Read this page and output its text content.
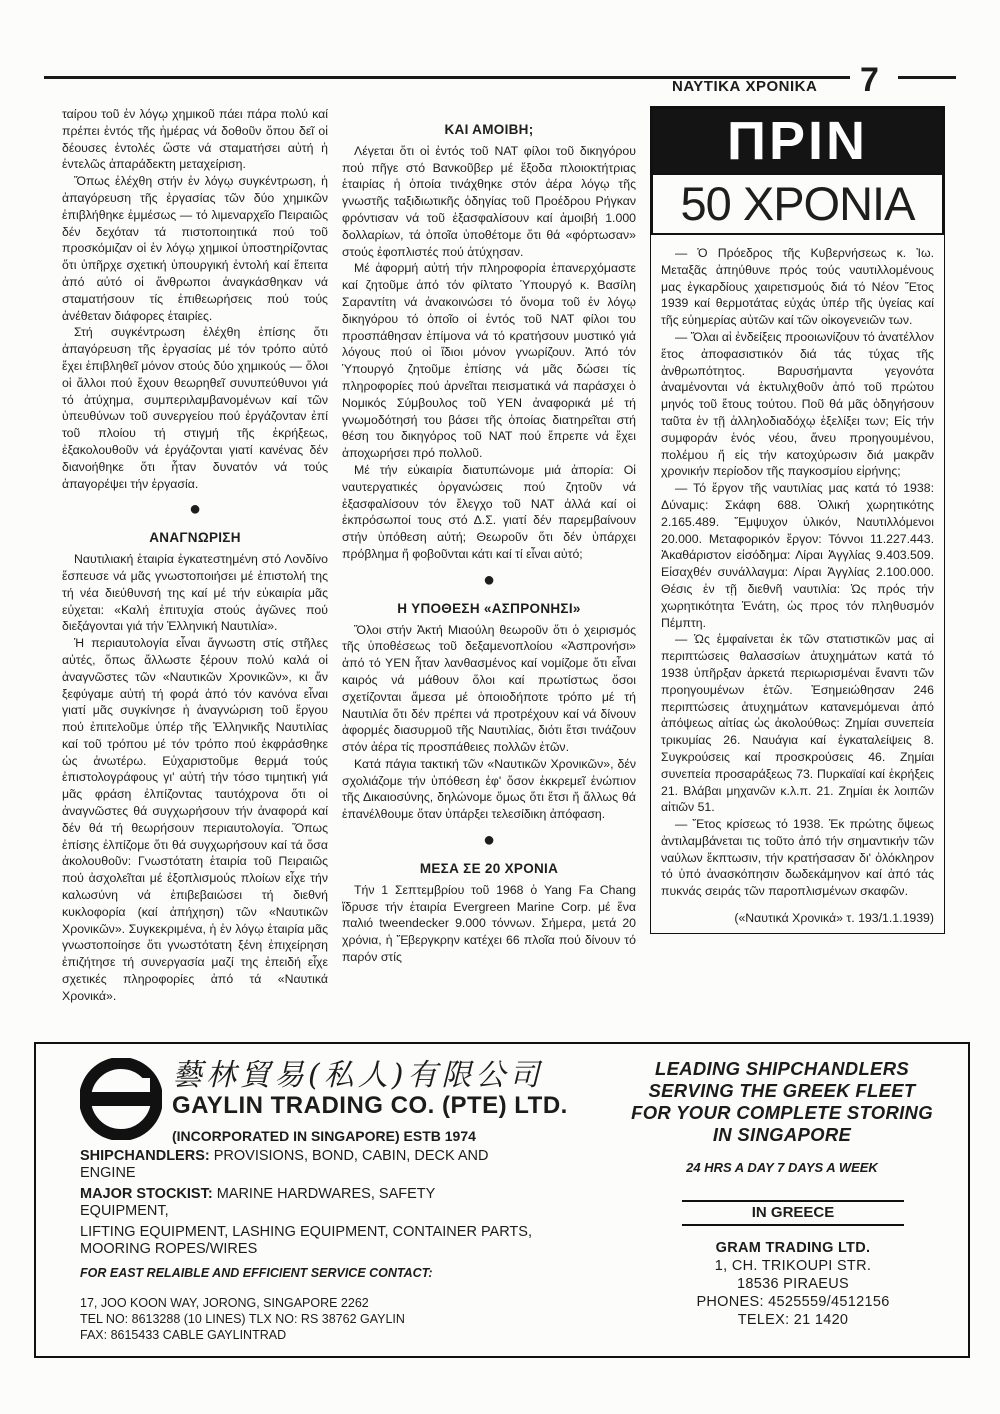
ΝΑΥΤΙΚΑ ΧΡΟΝΙΚΑ 7

ταίρου τοῦ ἐν λόγῳ χημικοῦ πάει πάρα πολύ καί πρέπει ἐντός τῆς ἡμέρας νά δοθοῦν ὅπου δεῖ οἱ δέουσες ἐντολές ὥστε νά σταματήσει αὐτή ἡ ἐντελῶς ἀπαράδεκτη μεταχείριση.

Ὅπως ἐλέχθη στήν ἐν λόγῳ συγκέντρωση, ἡ ἀπαγόρευση τῆς ἐργασίας τῶν δύο χημικῶν ἐπιβλήθηκε ἐμμέσως — τό λιμεναρχεῖο Πειραιῶς δέν δεχόταν τά πιστοποιητικά πού τοῦ προσκόμιζαν οἱ ἐν λόγῳ χημικοί ὑποστηρίζοντας ὅτι ὑπῆρχε σχετική ὑπουργική ἐντολή καί ἔπειτα ἀπό αὐτό οἱ ἄνθρωποι ἀναγκάσθηκαν νά σταματήσουν τίς ἐπιθεωρήσεις πού τούς ἀνέθεταν διάφορες ἑταιρίες.

Στή συγκέντρωση ἐλέχθη ἐπίσης ὅτι ἀπαγόρευση τῆς ἐργασίας μέ τόν τρόπο αὐτό ἔχει ἐπιβληθεῖ μόνον στούς δύο χημικούς — ὅλοι οἱ ἄλλοι πού ἔχουν θεωρηθεῖ συνυπεύθυνοι γιά τό ἀτύχημα, συμπεριλαμβανομένων καί τῶν ὑπευθύνων τοῦ συνεργείου πού ἐργάζονταν ἐπί τοῦ πλοίου τή στιγμή τῆς ἐκρήξεως, ἐξακολουθοῦν νά ἐργάζονται γιατί κανένας δέν διανοήθηκε ὅτι ἦταν δυνατόν νά τούς ἀπαγορέψει τήν ἐργασία.

●
ΑΝΑΓΝΩΡΙΣΗ

Ναυτιλιακή ἑταιρία ἐγκατεστημένη στό Λονδίνο ἔσπευσε νά μᾶς γνωστοποιήσει μέ ἐπιστολή της τή νέα διεύθυνσή της καί μέ τήν εὐκαιρία μᾶς εὐχεται: «Καλή ἐπιτυχία στούς ἀγῶνες πού διεξάγονται γιά τήν Ἑλληνική Ναυτιλία».

Ἡ περιαυτολογία εἶναι ἄγνωστη στίς στῆλες αὐτές, ὅπως ἄλλωστε ξέρουν πολύ καλά οἱ ἀναγνῶστες τῶν «Ναυτικῶν Χρονικῶν», κι ἄν ξεφύγαμε αὐτή τή φορά ἀπό τόν κανόνα εἶναι γιατί μᾶς συγκίνησε ἡ ἀναγνώριση τοῦ ἔργου πού ἐπιτελοῦμε ὑπέρ τῆς Ἑλληνικῆς Ναυτιλίας καί τοῦ τρόπου μέ τόν τρόπο πού ἐκφράσθηκε ὡς ἀνωτέρω. Εὐχαριστοῦμε θερμά τούς ἐπιστολογράφους γι' αὐτή τήν τόσο τιμητική γιά μᾶς φράση ἐλπίζοντας ταυτόχρονα ὅτι οἱ ἀναγνῶστες θά συγχωρήσουν τήν ἀναφορά καί δέν θά τή θεωρήσουν περιαυτολογία. Ὅπως ἐπίσης ἐλπίζομε ὅτι θά συγχωρήσουν καί τά ὅσα ἀκολουθοῦν: Γνωστότατη ἑταιρία τοῦ Πειραιῶς πού ἀσχολεῖται μέ ἐξοπλισμούς πλοίων εἶχε τήν καλωσύνη νά ἐπιβεβαιώσει τή διεθνή κυκλοφορία (καί ἀπήχηση) τῶν «Ναυτικῶν Χρονικῶν». Συγκεκριμένα, ἡ ἐν λόγῳ ἑταιρία μᾶς γνωστοποίησε ὅτι γνωστότατη ξένη ἐπιχείρηση ἐπιζήτησε τή συνεργασία μαζί της ἐπειδή εἶχε σχετικές πληροφορίες ἀπό τά «Ναυτικά Χρονικά».

ΚΑΙ ΑΜΟΙΒΗ;

Λέγεται ὅτι οἱ ἐντός τοῦ ΝΑΤ φίλοι τοῦ δικηγόρου πού πῆγε στό Βανκοῦβερ μέ ἔξοδα πλοιοκτήτριας ἑταιρίας ἡ ὁποία τινάχθηκε στόν ἀέρα λόγῳ τῆς γνωστῆς ταξιδιωτικῆς ὁδηγίας τοῦ Προέδρου Ρήγκαν φρόντισαν νά τοῦ ἐξασφαλίσουν καί ἀμοιβή 1.000 δολλαρίων, τά ὁποῖα ὑποθέτομε ὅτι θά «φόρτωσαν» στούς ἐφοπλιστές πού ἀτύχησαν.

Μέ ἀφορμή αὐτή τήν πληροφορία ἐπανερχόμαστε καί ζητοῦμε ἀπό τόν φίλτατο Ὑπουργό κ. Βασίλη Σαραντίτη νά ἀνακοινώσει τό ὄνομα τοῦ ἐν λόγῳ δικηγόρου τό ὁποῖο οἱ ἐντός τοῦ ΝΑΤ φίλοι του προσπάθησαν ἐπίμονα νά τό κρατήσουν μυστικό γιά λόγους πού οἱ ἴδιοι μόνον γνωρίζουν. Ἀπό τόν Ὑπουργό ζητοῦμε ἐπίσης νά μᾶς δώσει τίς πληροφορίες πού ἀρνεῖται πεισματικά νά παράσχει ὁ Νομικός Σύμβουλος τοῦ ΥΕΝ ἀναφορικά μέ τή γνωμοδότησή του βάσει τῆς ὁποίας διατηρεῖται στή θέση του δικηγόρος τοῦ ΝΑΤ πού ἔπρεπε νά ἔχει ἀποχωρήσει πρό πολλοῦ.

Μέ τήν εὐκαιρία διατυπώνομε μιά ἀπορία: Οἱ ναυτεργατικές ὀργανώσεις πού ζητοῦν νά ἐξασφαλίσουν τόν ἔλεγχο τοῦ ΝΑΤ ἀλλά καί οἱ ἐκπρόσωποί τους στό Δ.Σ. γιατί δέν παρεμβαίνουν στήν ὑπόθεση αὐτή; Θεωροῦν ὅτι δέν ὑπάρχει πρόβλημα ἤ φοβοῦνται κάτι καί τί εἶναι αὐτό;

●
Η ΥΠΟΘΕΣΗ «ΑΣΠΡΟΝΗΣΙ»

Ὅλοι στήν Ἀκτή Μιαούλη θεωροῦν ὅτι ὁ χειρισμός τῆς ὑποθέσεως τοῦ δεξαμενοπλοίου «Ἀσπρονήσι» ἀπό τό ΥΕΝ ἦταν λανθασμένος καί νομίζομε ὅτι εἶναι καιρός νά μάθουν ὅλοι καί πρωτίστως ὅσοι σχετίζονται ἄμεσα μέ ὁποιοδήποτε τρόπο μέ τή Ναυτιλία ὅτι δέν πρέπει νά προτρέχουν καί νά δίνουν ἀφορμές διασυρμοῦ τῆς Ναυτιλίας, διότι ἔτσι τινάζουν στόν ἀέρα τίς προσπάθειες πολλῶν ἐτῶν.

Κατά πάγια τακτική τῶν «Ναυτικῶν Χρονικῶν», δέν σχολιάζομε τήν ὑπόθεση ἐφ' ὅσον ἐκκρεμεῖ ἐνώπιον τῆς Δικαιοσύνης, δηλώνομε ὅμως ὅτι ἔτσι ἤ ἄλλως θά ἐπανέλθουμε ὅταν ὑπάρξει τελεσίδικη ἀπόφαση.

●
ΜΕΣΑ ΣΕ 20 ΧΡΟΝΙΑ

Τήν 1 Σεπτεμβρίου τοῦ 1968 ὁ Yang Fa Chang ἵδρυσε τήν ἑταιρία Evergreen Marine Corp. μέ ἕνα παλιό tweendecker 9.000 τόννων. Σήμερα, μετά 20 χρόνια, ἡ Ἔβεργκρην κατέχει 66 πλοῖα πού δίνουν τό παρόν στίς

ΠΡΙΝ
50 ΧΡΟΝΙΑ

— Ὁ Πρόεδρος τῆς Κυβερνήσεως κ. Ἰω. Μεταξᾶς ἀπηύθυνε πρός τούς ναυτιλλομένους μας ἐγκαρδίους χαιρετισμούς διά τό Νέον Ἔτος 1939 καί θερμοτάτας εὐχάς ὑπέρ τῆς ὑγείας καί τῆς εὐημερίας αὐτῶν καί τῶν οἰκογενειῶν των.

— Ὅλαι αἱ ἐνδείξεις προοιωνίζουν τό ἀνατέλλον ἔτος ἀποφασιστικόν διά τάς τύχας τῆς ἀνθρωπότητος. Βαρυσήμαντα γεγονότα ἀναμένονται νά ἐκτυλιχθοῦν ἀπό τοῦ πρώτου μηνός τοῦ ἔτους τούτου. Ποῦ θά μᾶς ὁδηγήσουν ταῦτα ἐν τῇ ἀλληλοδιαδόχῳ ἐξελίξει των; Εἰς τήν συμφοράν ἑνός νέου, ἄνευ προηγουμένου, πολέμου ἤ εἰς τήν κατοχύρωσιν διά μακρᾶν χρονικήν περίοδον τῆς παγκοσμίου εἰρήνης;

— Τό ἔργον τῆς ναυτιλίας μας κατά τό 1938: Δύναμις: Σκάφη 688. Ὁλική χωρητικότης 2.165.489. Ἔμψυχον ὑλικόν, Ναυτιλλόμενοι 20.000. Μεταφορικόν ἔργον: Τόννοι 11.227.443. Ἀκαθάριστον εἰσόδημα: Λίραι Ἀγγλίας 9.403.509. Εἰσαχθέν συνάλλαγμα: Λίραι Ἀγγλίας 2.100.000. Θέσις ἐν τῇ διεθνῆ ναυτιλία: Ὡς πρός τήν χωρητικότητα Ἐνάτη, ὡς προς τόν πληθυσμόν Πέμπτη.

— Ὡς ἐμφαίνεται ἐκ τῶν στατιστικῶν μας αἱ περιπτώσεις θαλασσίων ἀτυχημάτων κατά τό 1938 ὑπῆρξαν ἀρκετά περιωρισμέναι ἔναντι τῶν προηγουμένων ἐτῶν. Ἐσημειώθησαν 246 περιπτώσεις ἀτυχημάτων κατανεμόμεναι ἀπό ἀπόψεως αἰτίας ὡς ἀκολούθως: Ζημίαι συνεπεία τρικυμίας 26. Ναυάγια καί ἐγκαταλείψεις 8. Συγκρούσεις καί προσκρούσεις 46. Ζημίαι συνεπεία προσαράξεως 73. Πυρκαϊαί καί ἐκρήξεις 21. Βλάβαι μηχανῶν κ.λ.π. 21. Ζημίαι ἐκ λοιπῶν αἰτιῶν 51.

— Ἔτος κρίσεως τό 1938. Ἐκ πρώτης ὄψεως ἀντιλαμβάνεται τις τοῦτο ἀπό τήν σημαντικήν τῶν ναύλων ἔκπτωσιν, τήν κρατήσασαν δι' ὁλόκληρον τό ὑπό ἀνασκόπησιν δωδεκάμηνον καί ἀπό τάς πυκνάς σειράς τῶν παροπλισμένων σκαφῶν.

(«Ναυτικά Χρονικά» τ. 193/1.1.1939)
藝林貿易(私人)有限公司
GAYLIN TRADING CO. (PTE) LTD.
(INCORPORATED IN SINGAPORE) ESTB 1974
SHIPCHANDLERS: PROVISIONS, BOND, CABIN, DECK AND ENGINE
MAJOR STOCKIST: MARINE HARDWARES, SAFETY EQUIPMENT,
LIFTING EQUIPMENT, LASHING EQUIPMENT, CONTAINER PARTS, MOORING ROPES/WIRES
FOR EAST RELAIBLE AND EFFICIENT SERVICE CONTACT:
17, JOO KOON WAY, JORONG, SINGAPORE 2262
TEL NO: 8613288 (10 LINES) TLX NO: RS 38762 GAYLIN
FAX: 8615433 CABLE GAYLINTRAD
LEADING SHIPCHANDLERS
SERVING THE GREEK FLEET
FOR YOUR COMPLETE STORING
IN SINGAPORE
24 HRS A DAY 7 DAYS A WEEK
IN GREECE
GRAM TRADING LTD.
1, CH. TRIKOUPI STR.
18536 PIRAEUS
PHONES: 4525559/4512156
TELEX: 21 1420
